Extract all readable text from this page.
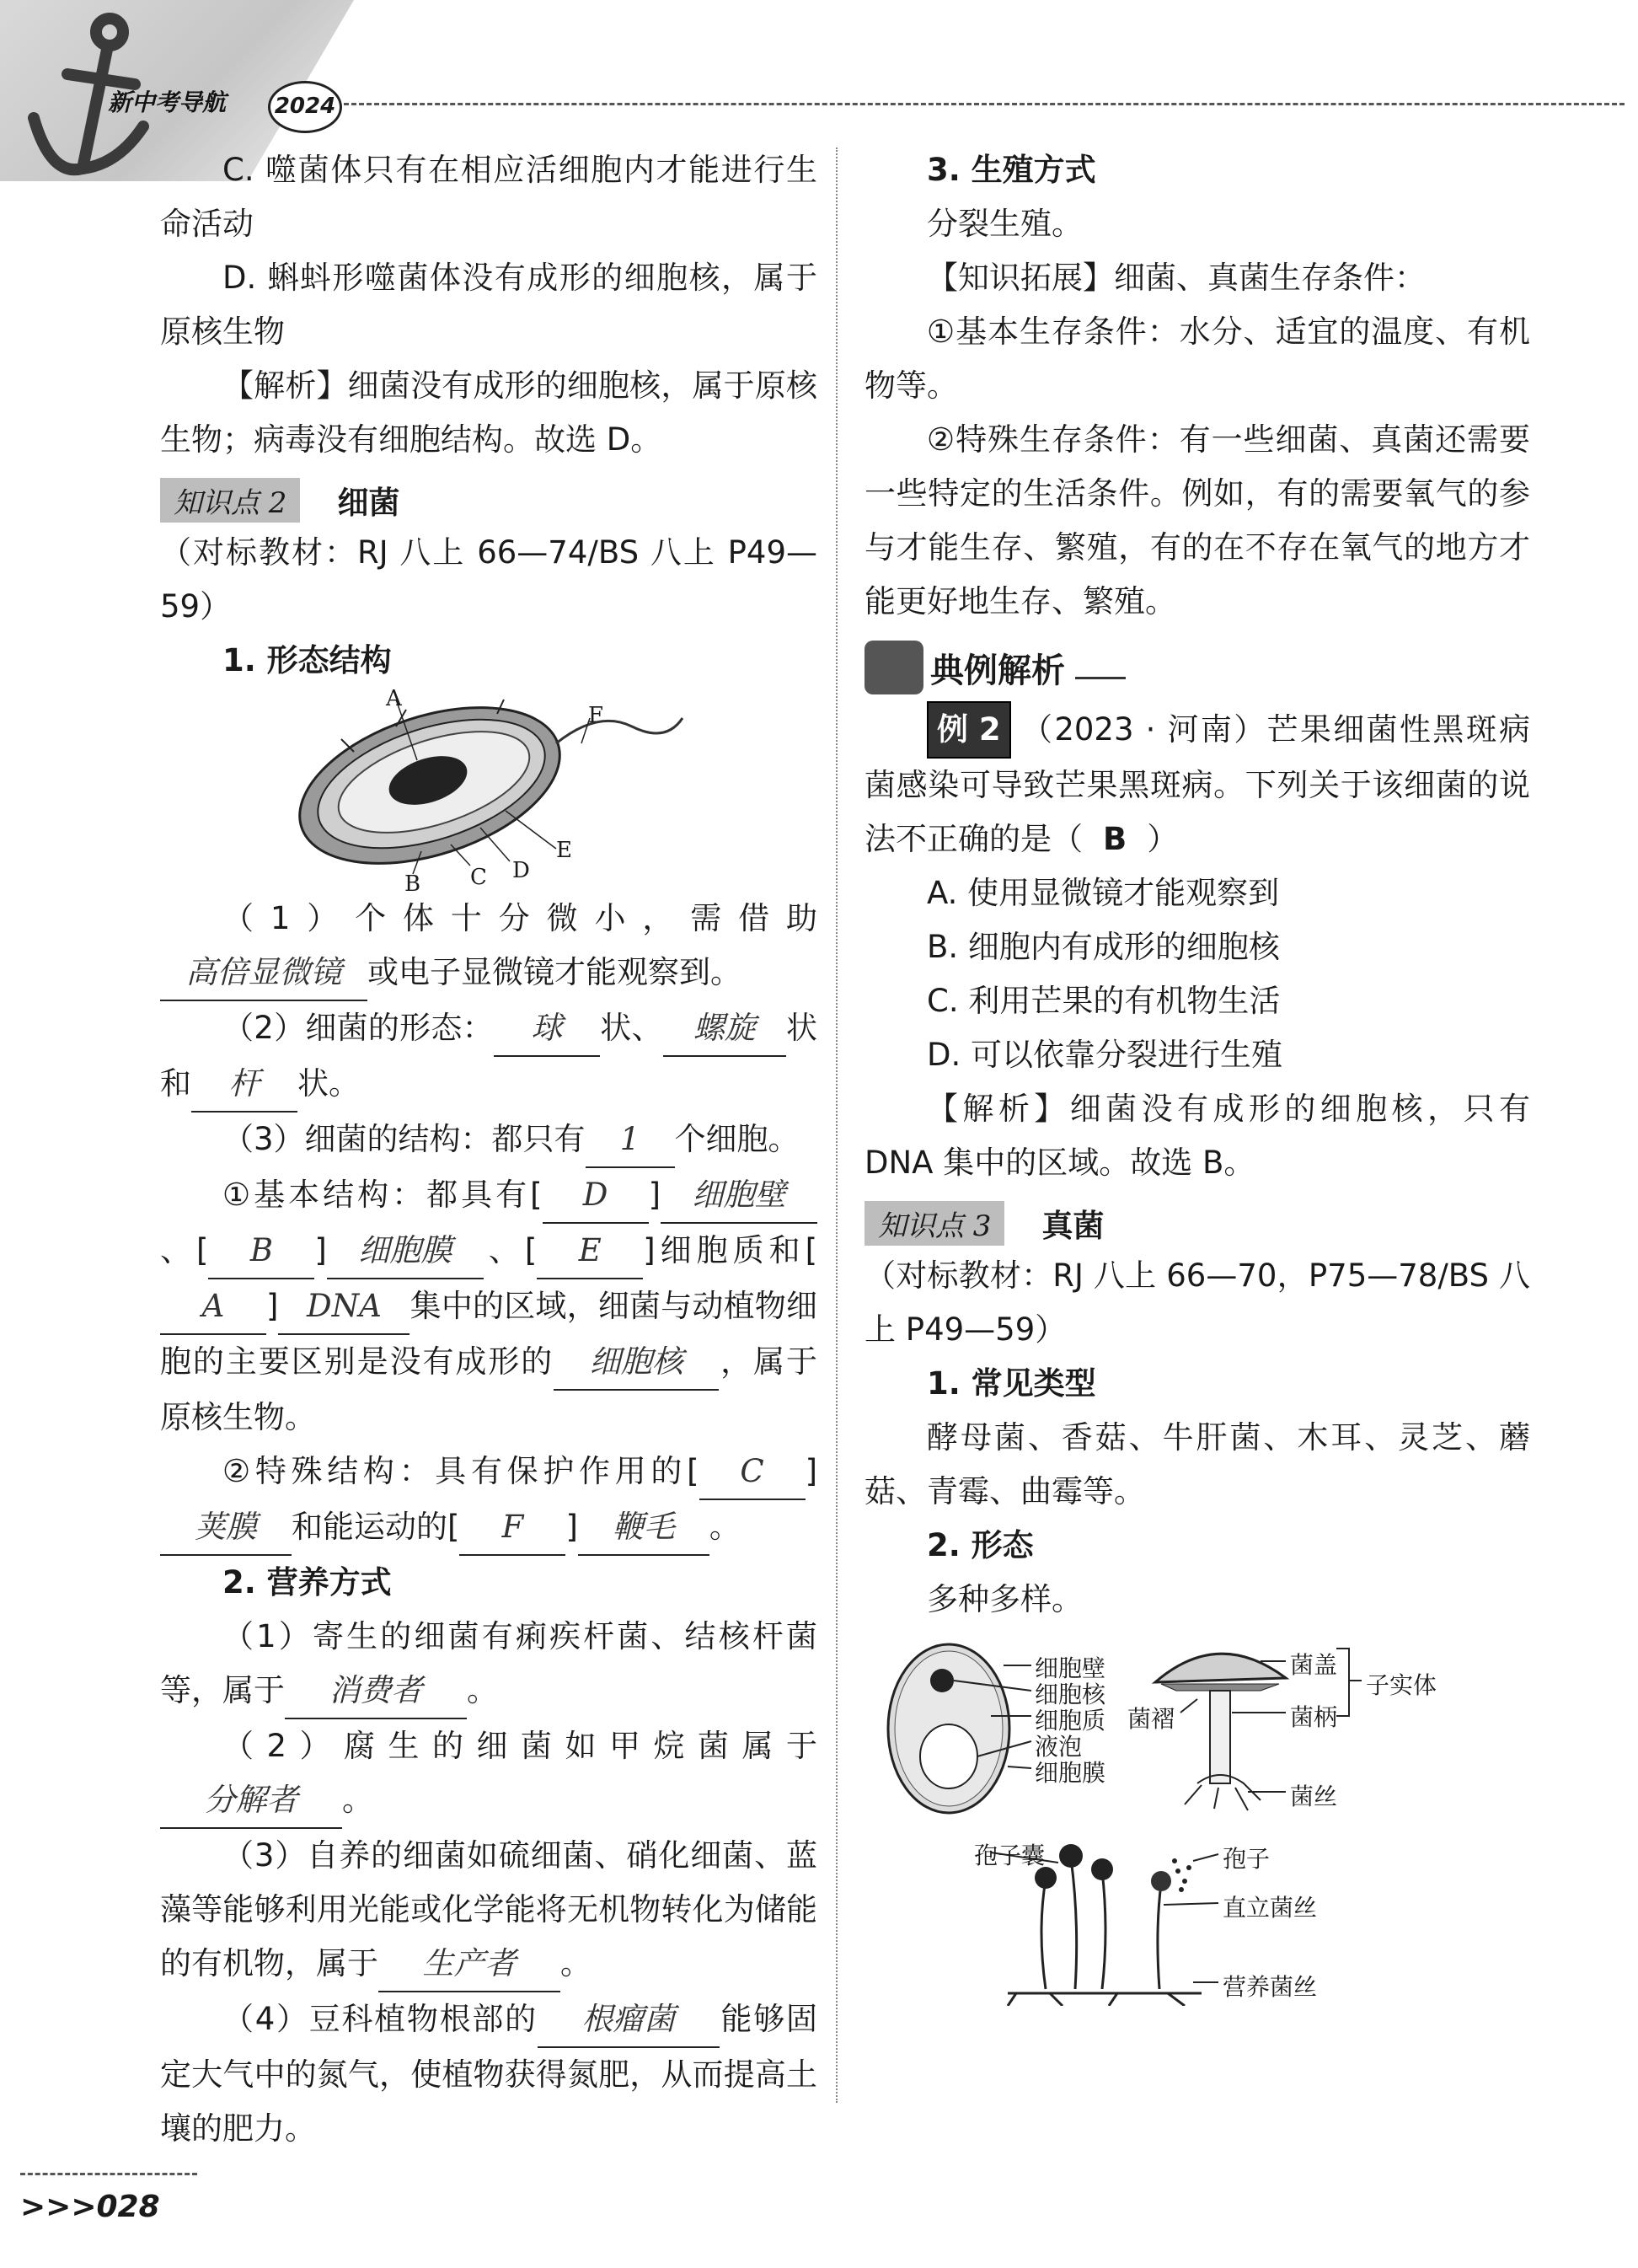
新中考导航	2024

C. 噬菌体只有在相应活细胞内才能进行生命活动

D. 蝌蚪形噬菌体没有成形的细胞核，属于原核生物

【解析】细菌没有成形的细胞核，属于原核生物；病毒没有细胞结构。故选 D。

知识点 2	细菌

（对标教材：RJ 八上 66—74/BS 八上 P49—59）

1. 形态结构

A
F
E
D
C
B

（1）个体十分微小，需借助高倍显微镜 或电子显微镜才能观察到。

（2）细菌的形态： 球 状、 螺旋 状和 杆 状。

（3）细菌的结构：都只有 1 个细胞。

①基本结构：都具有[ D ] 细胞壁、[ B ] 细胞膜 、[ E ]细胞质和[A ] DNA 集中的区域，细菌与动植物细胞的主要区别是没有成形的 细胞核 ，属于原核生物。

②特殊结构：具有保护作用的[ C ]荚膜 和能运动的[ F ] 鞭毛 。

2. 营养方式

（1）寄生的细菌有痢疾杆菌、结核杆菌等，属于 消费者 。

（2）腐生的细菌如甲烷菌属于分解者 。

（3）自养的细菌如硫细菌、硝化细菌、蓝藻等能够利用光能或化学能将无机物转化为储能的有机物，属于 生产者 。

（4）豆科植物根部的 根瘤菌 能够固定大气中的氮气，使植物获得氮肥，从而提高土壤的肥力。

3. 生殖方式

分裂生殖。

【知识拓展】细菌、真菌生存条件：

①基本生存条件：水分、适宜的温度、有机物等。

②特殊生存条件：有一些细菌、真菌还需要一些特定的生活条件。例如，有的需要氧气的参与才能生存、繁殖，有的在不存在氧气的地方才能更好地生存、繁殖。

典例解析

例 2 （2023 · 河南）芒果细菌性黑斑病菌感染可导致芒果黑斑病。下列关于该细菌的说法不正确的是（ B ）

A. 使用显微镜才能观察到

B. 细胞内有成形的细胞核

C. 利用芒果的有机物生活

D. 可以依靠分裂进行生殖

【解析】细菌没有成形的细胞核，只有 DNA 集中的区域。故选 B。

知识点 3	真菌

（对标教材：RJ 八上 66—70，P75—78/BS 八上 P49—59）

1. 常见类型

酵母菌、香菇、牛肝菌、木耳、灵芝、蘑菇、青霉、曲霉等。

2. 形态

多种多样。

细胞壁
细胞核
细胞质
液泡
细胞膜
菌盖
菌褶	菌柄
菌丝
子实体
孢子囊	孢子
直立菌丝
营养菌丝
>>>028
